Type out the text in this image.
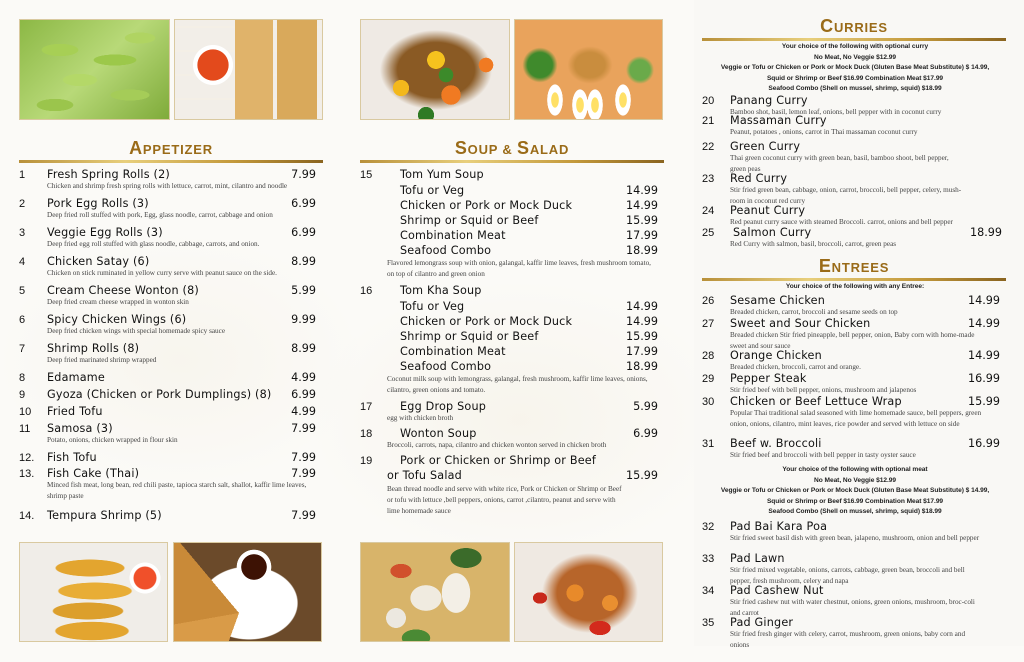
APPETIZER
1	Fresh Spring Rolls (2)	7.99
Chicken and shrimp fresh spring rolls with lettuce, carrot, mint, cilantro and noodle
2	Pork Egg Rolls (3)	6.99
Deep fried roll stuffed with pork, Egg, glass noodle, carrot, cabbage and onion
3	Veggie Egg Rolls (3)	6.99
Deep fried egg roll stuffed with glass noodle, cabbage, carrots, and onion.
4	Chicken Satay (6)	8.99
Chicken on stick ruminated in yellow curry serve with peanut sauce on the side.
5	Cream Cheese Wonton (8)	5.99
Deep fried cream cheese wrapped in wonton skin
6	Spicy Chicken Wings (6)	9.99
Deep fried chicken wings with special homemade spicy sauce
7	Shrimp Rolls (8)	8.99
Deep fried marinated shrimp wrapped
8	Edamame	4.99
9	Gyoza (Chicken or Pork Dumplings) (8)	6.99
10	Fried Tofu	4.99
11	Samosa (3)	7.99
Potato, onions, chicken wrapped in flour skin
12.	Fish Tofu	7.99
13.	Fish Cake (Thai)	7.99
Minced fish meat, long bean, red chili paste, tapioca starch salt, shallot, kaffir lime leaves, shrimp paste
14.	Tempura Shrimp (5)	7.99
SOUP & SALAD
15	Tom Yum Soup
Tofu or Veg	14.99
Chicken or Pork or Mock Duck	14.99
Shrimp or Squid or Beef	15.99
Combination Meat	17.99
Seafood Combo	18.99
Flavored lemongrass soup with onion, galangal, kaffir lime leaves, fresh mushroom tomato, on top of cilantro and green onion
16	Tom Kha Soup
Tofu or Veg	14.99
Chicken or Pork or Mock Duck	14.99
Shrimp or Squid or Beef	15.99
Combination Meat	17.99
Seafood Combo	18.99
Coconut milk soup with lemongrass, galangal, fresh mushroom, kaffir lime leaves, onions, cilantro, green onions and tomato.
17	Egg Drop Soup	5.99
egg with chicken broth
18	Wonton Soup	6.99
Broccoli, carrots, napa, cilantro and chicken wonton served in chicken broth
19	Pork or Chicken or Shrimp or Beef
or Tofu Salad	15.99
Bean thread noodle and serve with white rice, Pork or Chicken or Shrimp or Beef or tofu with lettuce ,bell peppers, onions, carrot ,cilantro, peanut and serve with lime homemade sauce
CURRIES
Your choice of the following with optional curry
No Meat, No Veggie $12.99
Veggie or Tofu or Chicken or Pork or Mock Duck (Gluten Base Meat Substitute) $ 14.99,
Squid or Shrimp or Beef $16.99 Combination Meat $17.99
Seafood Combo (Shell on mussel, shrimp, squid) $18.99
20	Panang Curry
Bamboo shot, basil, lemon leaf, onions, bell pepper with in coconut curry
21	Massaman Curry
Peanut, potatoes , onions, carrot in Thai massaman coconut curry
22	Green Curry
Thai green coconut curry with green bean, basil, bamboo shoot, bell pepper, green peas
23	Red Curry
Stir fried green bean, cabbage, onion, carrot, broccoli, bell pepper, celery, mush-room in coconut red curry
24	Peanut Curry
Red peanut curry sauce with steamed Broccoli. carrot, onions and bell pepper
25	Salmon Curry	18.99
Red Curry with salmon, basil, broccoli, carrot, green peas
ENTREES
Your choice of the following with any Entree:
26	Sesame Chicken	14.99
Breaded chicken, carrot, broccoli and sesame seeds on top
27	Sweet and Sour Chicken	14.99
Breaded chicken Stir fried pineapple, bell pepper, onion, Baby corn with home-made sweet and sour sauce
28	Orange Chicken	14.99
Breaded chicken, broccoli, carrot and orange.
29	Pepper Steak	16.99
Stir fried beef with bell pepper, onions, mushroom and jalapenos
30	Chicken or Beef Lettuce Wrap	15.99
Popular Thai traditional salad seasoned with lime homemade sauce, bell peppers, green onion, onions, cilantro, mint leaves, rice powder and served with lettuce on side
31	Beef w. Broccoli	16.99
Stir fried beef and broccoli with bell pepper in tasty oyster sauce
Your choice of the following with optional meat
No Meat, No Veggie $12.99
Veggie or Tofu or Chicken or Pork or Mock Duck (Gluten Base Meat Substitute) $ 14.99,
Squid or Shrimp or Beef $16.99 Combination Meat $17.99
Seafood Combo (Shell on mussel, shrimp, squid) $18.99
32	Pad Bai Kara Poa
Stir fried sweet basil dish with green bean, jalapeno, mushroom, onion and bell pepper
33	Pad Lawn
Stir fried mixed vegetable, onions, carrots, cabbage, green bean, broccoli and bell pepper, fresh mushroom, celery and napa
34	Pad Cashew Nut
Stir fried cashew nut with water chestnut, onions, green onions, mushroom, broc-coli and carrot
35	Pad Ginger
Stir fried fresh ginger with celery, carrot, mushroom, green onions, baby corn and onions
